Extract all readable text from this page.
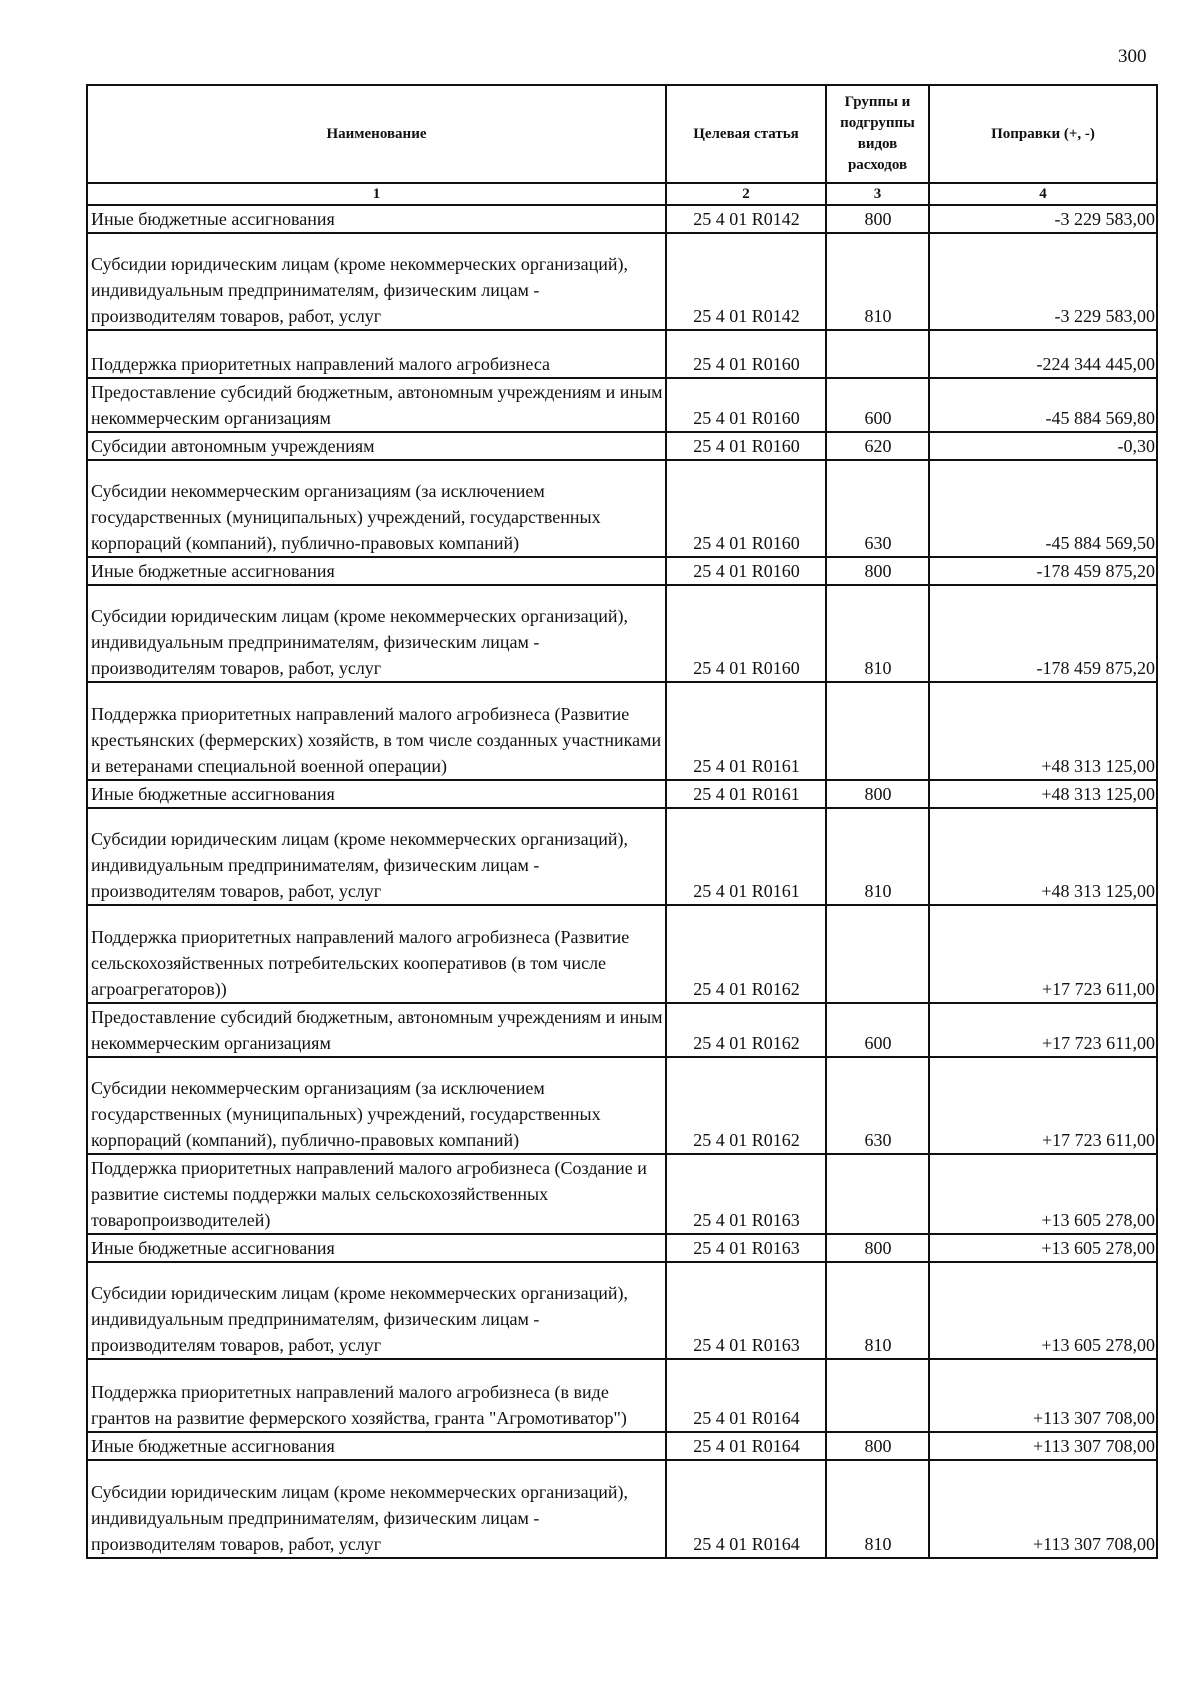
300
Наименование	Целевая статья	Группы и подгруппы видов расходов	Поправки (+, -)
1	2	3	4
Иные бюджетные ассигнования	25 4 01 R0142	800	-3 229 583,00
Субсидии юридическим лицам (кроме некоммерческих организаций), индивидуальным предпринимателям, физическим лицам - производителям товаров, работ, услуг	25 4 01 R0142	810	-3 229 583,00
Поддержка приоритетных направлений малого агробизнеса	25 4 01 R0160		-224 344 445,00
Предоставление субсидий бюджетным, автономным учреждениям и иным некоммерческим организациям	25 4 01 R0160	600	-45 884 569,80
Субсидии автономным учреждениям	25 4 01 R0160	620	-0,30
Субсидии некоммерческим организациям (за исключением государственных (муниципальных) учреждений, государственных корпораций (компаний), публично-правовых компаний)	25 4 01 R0160	630	-45 884 569,50
Иные бюджетные ассигнования	25 4 01 R0160	800	-178 459 875,20
Субсидии юридическим лицам (кроме некоммерческих организаций), индивидуальным предпринимателям, физическим лицам - производителям товаров, работ, услуг	25 4 01 R0160	810	-178 459 875,20
Поддержка приоритетных направлений малого агробизнеса (Развитие крестьянских (фермерских) хозяйств, в том числе созданных участниками и ветеранами специальной военной операции)	25 4 01 R0161		+48 313 125,00
Иные бюджетные ассигнования	25 4 01 R0161	800	+48 313 125,00
Субсидии юридическим лицам (кроме некоммерческих организаций), индивидуальным предпринимателям, физическим лицам - производителям товаров, работ, услуг	25 4 01 R0161	810	+48 313 125,00
Поддержка приоритетных направлений малого агробизнеса (Развитие сельскохозяйственных потребительских кооперативов (в том числе агроагрегаторов))	25 4 01 R0162		+17 723 611,00
Предоставление субсидий бюджетным, автономным учреждениям и иным некоммерческим организациям	25 4 01 R0162	600	+17 723 611,00
Субсидии некоммерческим организациям (за исключением государственных (муниципальных) учреждений, государственных корпораций (компаний), публично-правовых компаний)	25 4 01 R0162	630	+17 723 611,00
Поддержка приоритетных направлений малого агробизнеса (Создание и развитие системы поддержки малых сельскохозяйственных товаропроизводителей)	25 4 01 R0163		+13 605 278,00
Иные бюджетные ассигнования	25 4 01 R0163	800	+13 605 278,00
Субсидии юридическим лицам (кроме некоммерческих организаций), индивидуальным предпринимателям, физическим лицам - производителям товаров, работ, услуг	25 4 01 R0163	810	+13 605 278,00
Поддержка приоритетных направлений малого агробизнеса (в виде грантов на развитие фермерского хозяйства, гранта "Агромотиватор")	25 4 01 R0164		+113 307 708,00
Иные бюджетные ассигнования	25 4 01 R0164	800	+113 307 708,00
Субсидии юридическим лицам (кроме некоммерческих организаций), индивидуальным предпринимателям, физическим лицам - производителям товаров, работ, услуг	25 4 01 R0164	810	+113 307 708,00
